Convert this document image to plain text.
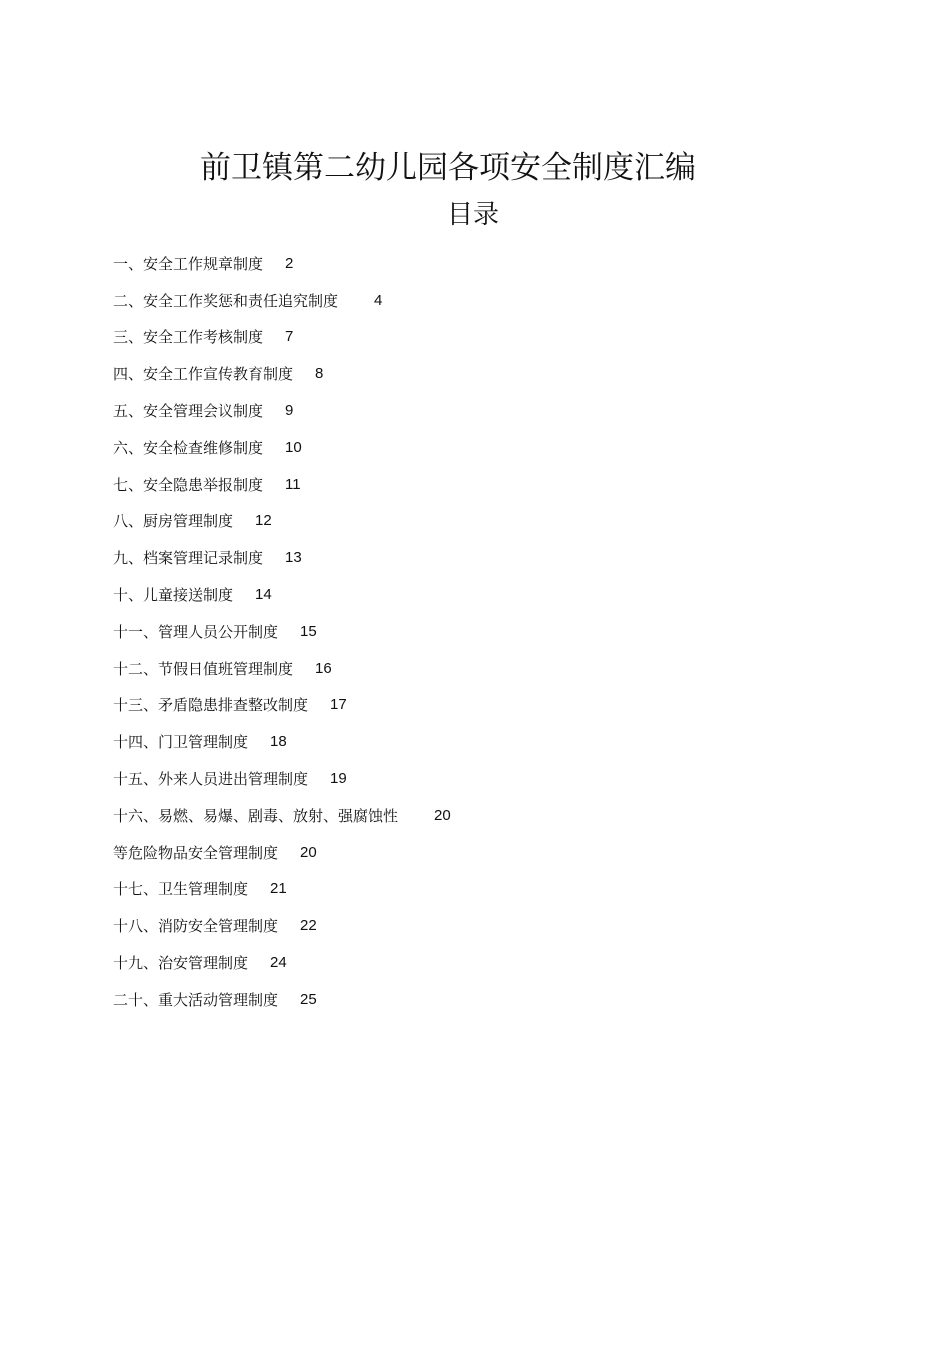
前卫镇第二幼儿园各项安全制度汇编
目录
一、安全工作规章制度 2
二、安全工作奖惩和责任追究制度 4
三、安全工作考核制度 7
四、安全工作宣传教育制度 8
五、安全管理会议制度 9
六、安全检查维修制度 10
七、安全隐患举报制度 11
八、厨房管理制度 12
九、档案管理记录制度 13
十、儿童接送制度 14
十一、管理人员公开制度 15
十二、节假日值班管理制度 16
十三、矛盾隐患排查整改制度 17
十四、门卫管理制度 18
十五、外来人员进出管理制度 19
十六、易燃、易爆、剧毒、放射、强腐蚀性 20
等危险物品安全管理制度 20
十七、卫生管理制度 21
十八、消防安全管理制度 22
十九、治安管理制度 24
二十、重大活动管理制度 25
